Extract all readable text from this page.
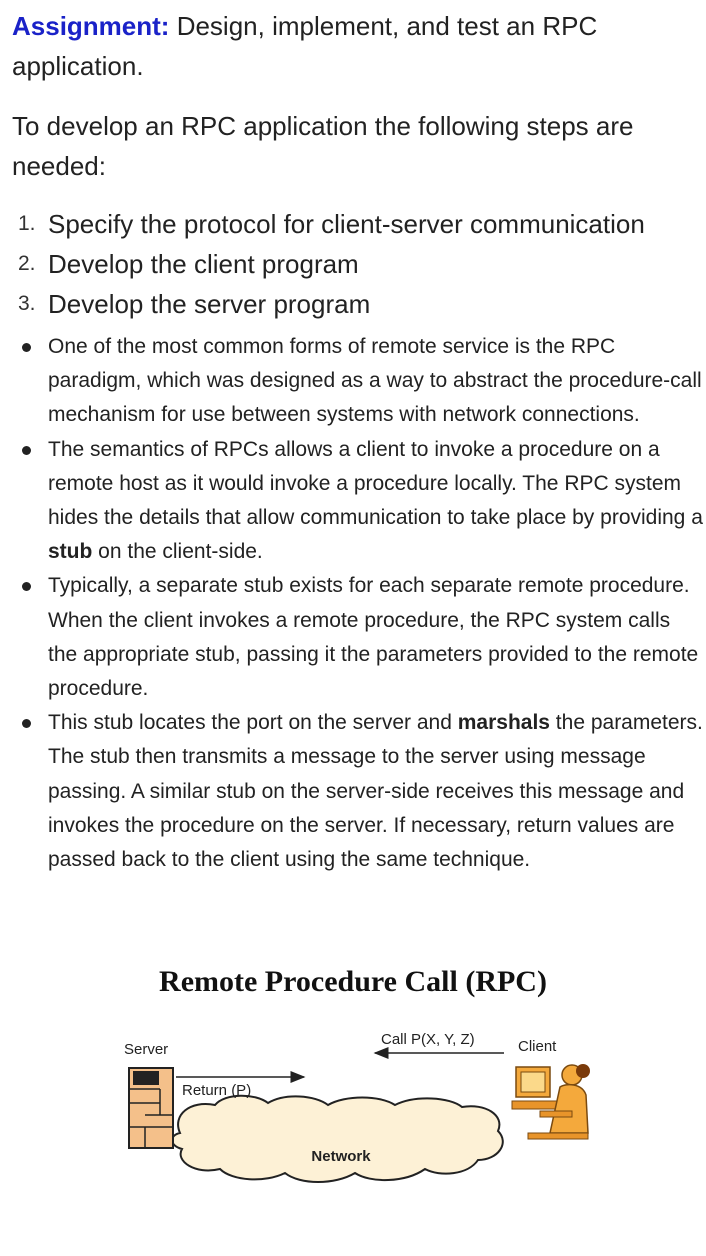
Assignment: Design, implement, and test an RPC application.

To develop an RPC application the following steps are needed:

1. Specify the protocol for client-server communication
2. Develop the client program
3. Develop the server program
One of the most common forms of remote service is the RPC paradigm, which was designed as a way to abstract the procedure-call mechanism for use between systems with network connections.
The semantics of RPCs allows a client to invoke a procedure on a remote host as it would invoke a procedure locally. The RPC system hides the details that allow communication to take place by providing a stub on the client-side.
Typically, a separate stub exists for each separate remote procedure. When the client invokes a remote procedure, the RPC system calls the appropriate stub, passing it the parameters provided to the remote procedure.
This stub locates the port on the server and marshals the parameters. The stub then transmits a message to the server using message passing. A similar stub on the server-side receives this message and invokes the procedure on the server. If necessary, return values are passed back to the client using the same technique.
Remote Procedure Call (RPC)
Network
Server
Return (P)
Call P(X, Y, Z)	Client
